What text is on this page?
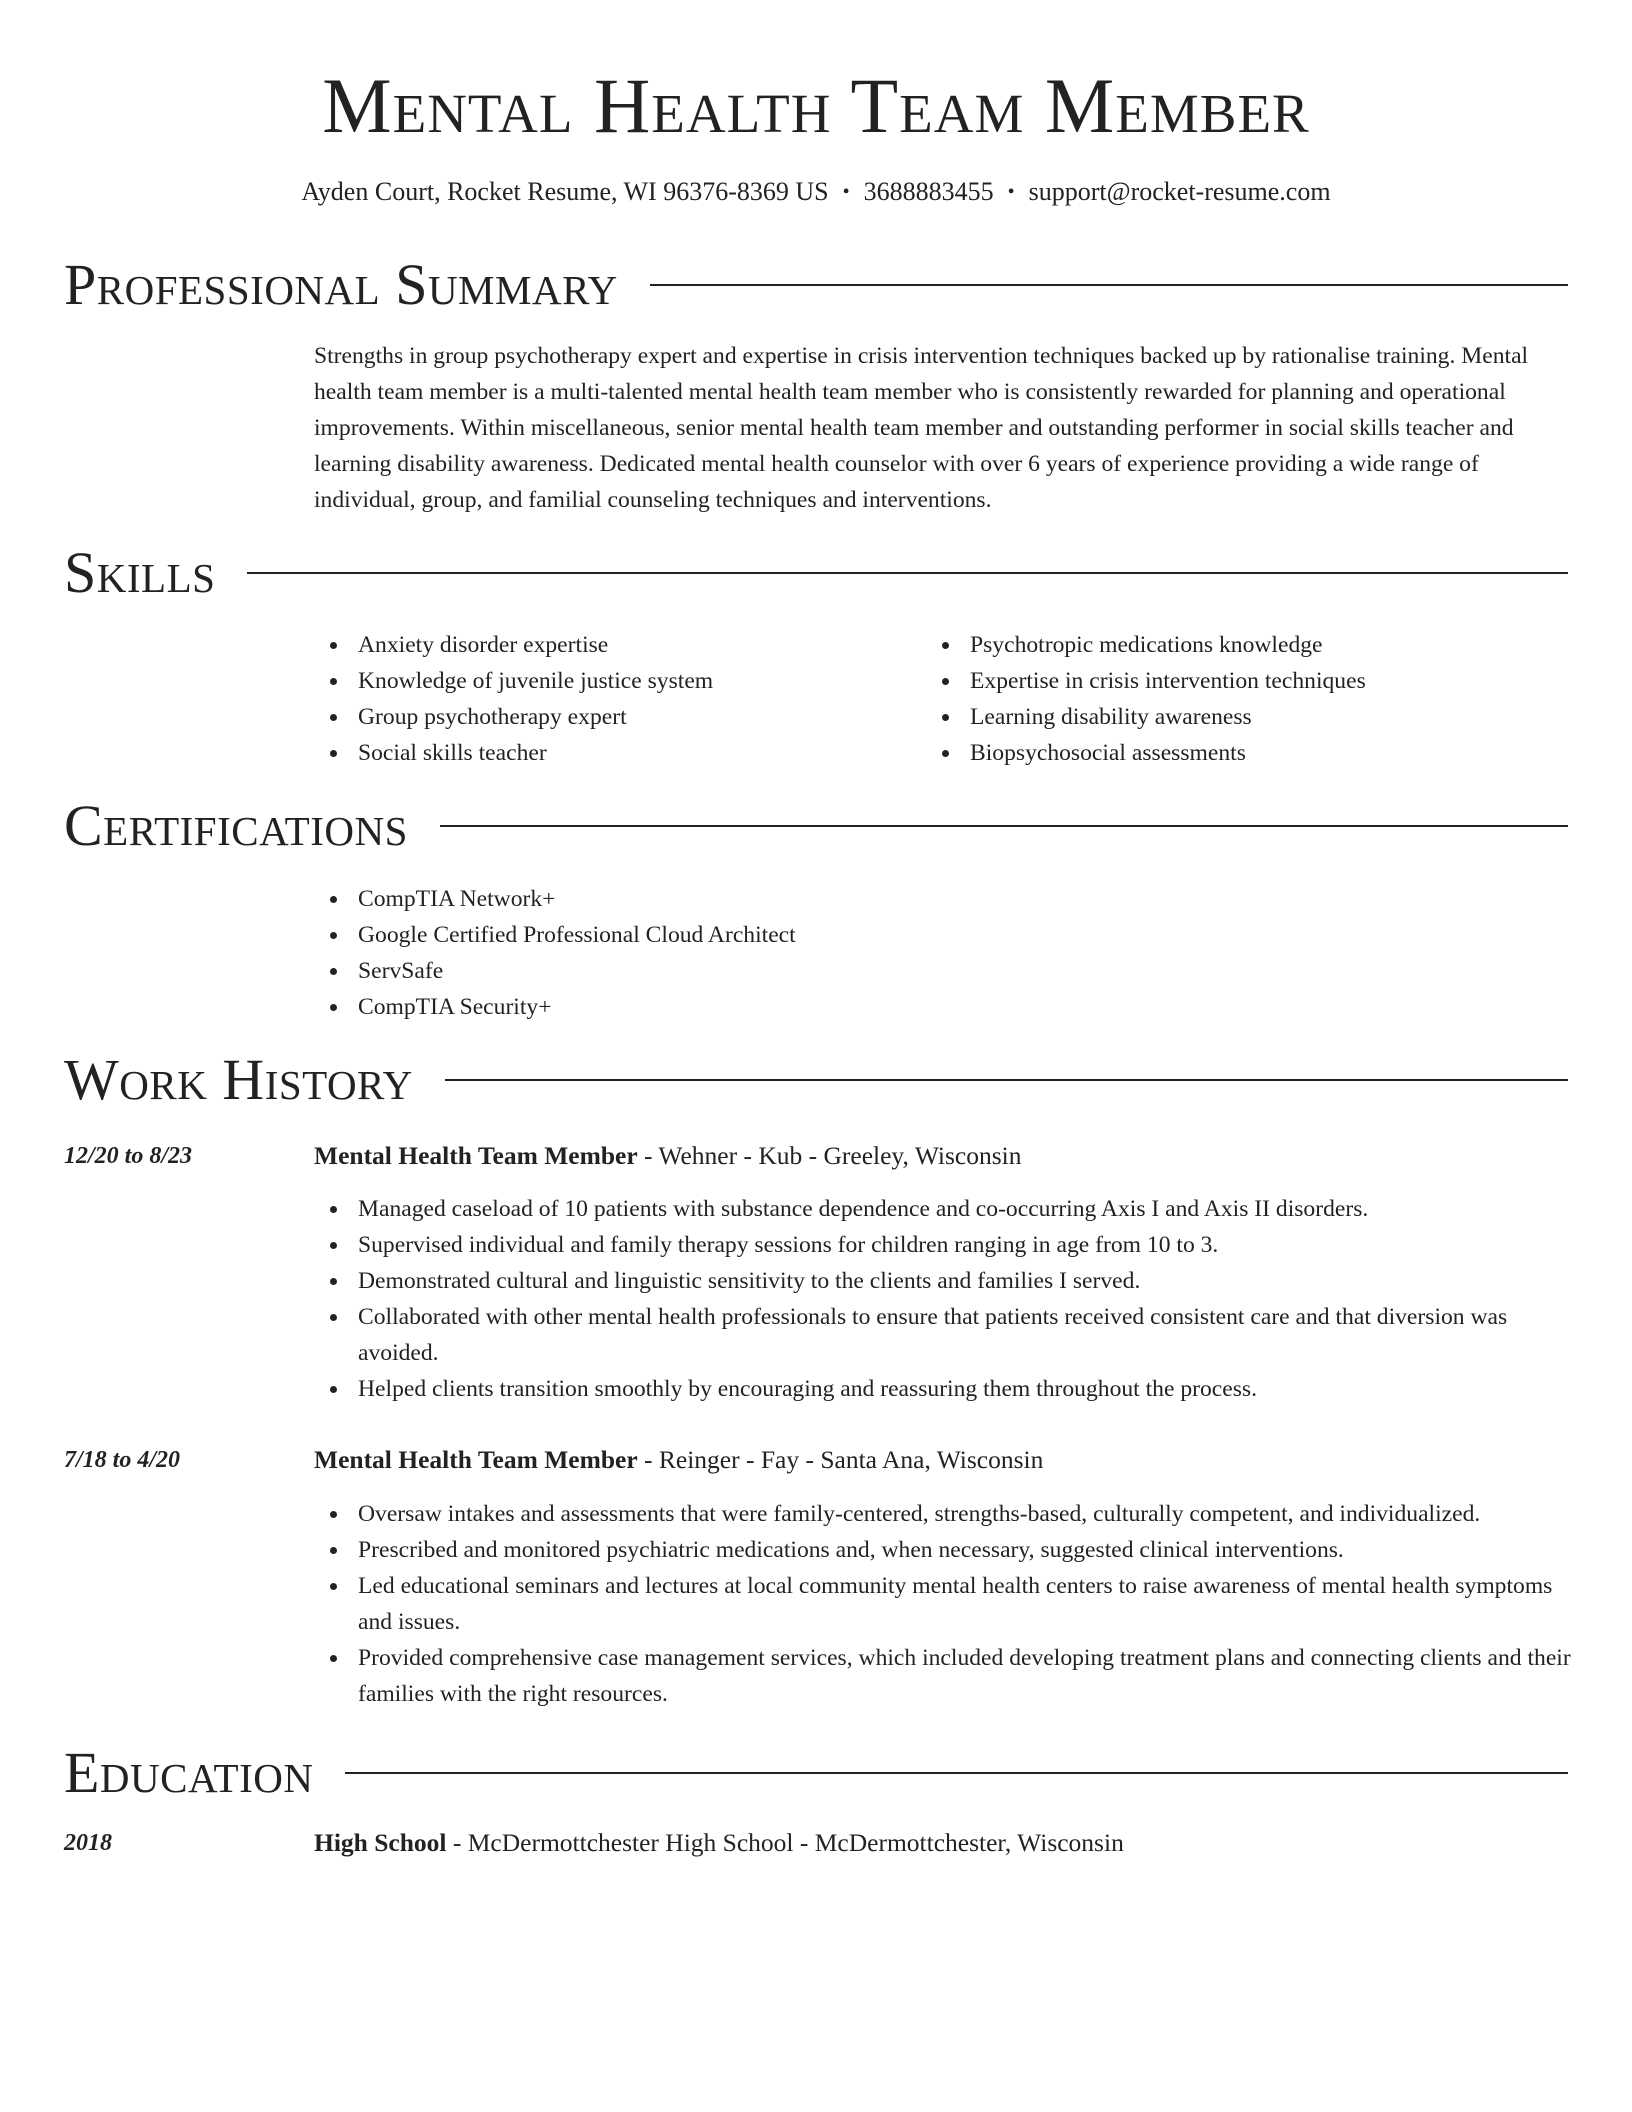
Mental Health Team Member
Ayden Court, Rocket Resume, WI 96376-8369 US • 3688883455 • support@rocket-resume.com
Professional Summary

Strengths in group psychotherapy expert and expertise in crisis intervention techniques backed up by rationalise training. Mental health team member is a multi-talented mental health team member who is consistently rewarded for planning and operational improvements. Within miscellaneous, senior mental health team member and outstanding performer in social skills teacher and learning disability awareness. Dedicated mental health counselor with over 6 years of experience providing a wide range of individual, group, and familial counseling techniques and interventions.

Skills
Anxiety disorder expertise
Knowledge of juvenile justice system
Group psychotherapy expert
Social skills teacher
Psychotropic medications knowledge
Expertise in crisis intervention techniques
Learning disability awareness
Biopsychosocial assessments
Certifications
CompTIA Network+
Google Certified Professional Cloud Architect
ServSafe
CompTIA Security+
Work History
12/20 to 8/23	Mental Health Team Member - Wehner - Kub - Greeley, Wisconsin
Managed caseload of 10 patients with substance dependence and co-occurring Axis I and Axis II disorders.
Supervised individual and family therapy sessions for children ranging in age from 10 to 3.
Demonstrated cultural and linguistic sensitivity to the clients and families I served.
Collaborated with other mental health professionals to ensure that patients received consistent care and that diversion was avoided.
Helped clients transition smoothly by encouraging and reassuring them throughout the process.
7/18 to 4/20	Mental Health Team Member - Reinger - Fay - Santa Ana, Wisconsin
Oversaw intakes and assessments that were family-centered, strengths-based, culturally competent, and individualized.
Prescribed and monitored psychiatric medications and, when necessary, suggested clinical interventions.
Led educational seminars and lectures at local community mental health centers to raise awareness of mental health symptoms and issues.
Provided comprehensive case management services, which included developing treatment plans and connecting clients and their families with the right resources.
Education
2018	High School - McDermottchester High School - McDermottchester, Wisconsin
